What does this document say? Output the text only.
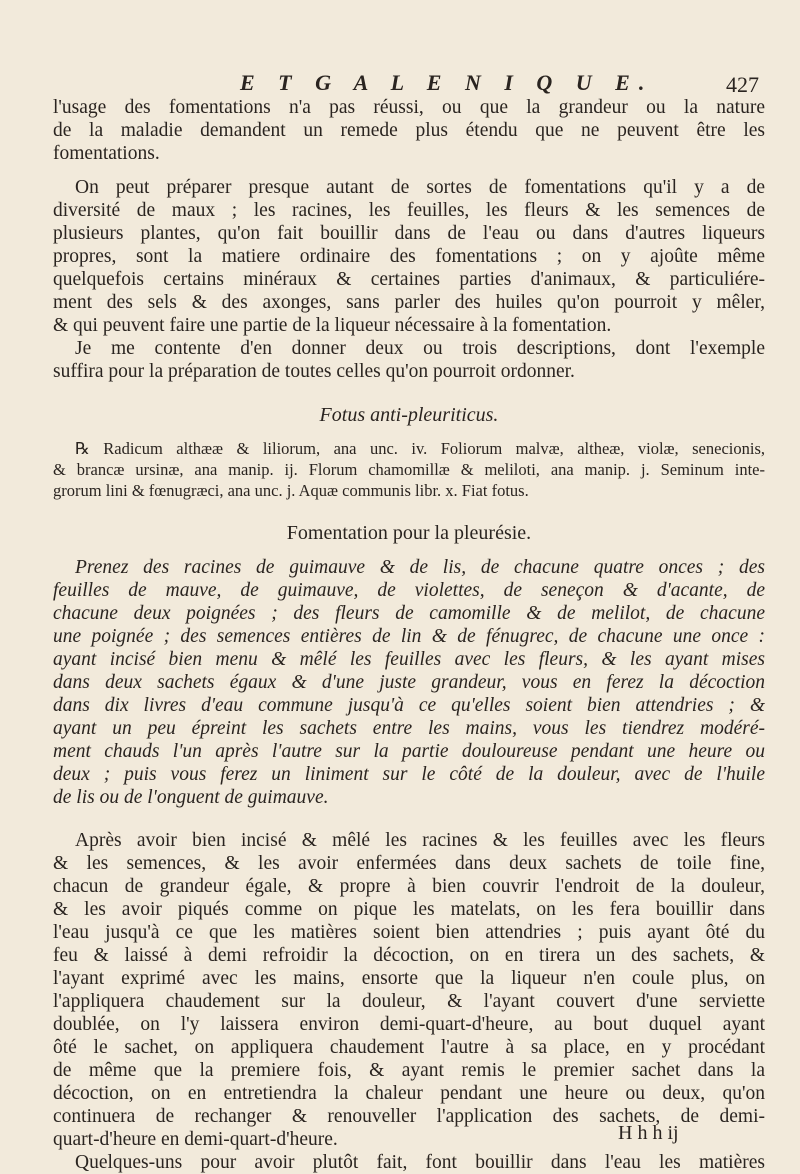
E T G A L E N I Q U E.	427
l'usage des fomentations n'a pas réussi, ou que la grandeur ou la nature
de la maladie demandent un remede plus étendu que ne peuvent être les
fomentations.
On peut préparer presque autant de sortes de fomentations qu'il y a de
diversité de maux ; les racines, les feuilles, les fleurs & les semences de
plusieurs plantes, qu'on fait bouillir dans de l'eau ou dans d'autres liqueurs
propres, sont la matiere ordinaire des fomentations ; on y ajoûte même
quelquefois certains minéraux & certaines parties d'animaux, & particuliére-
ment des sels & des axonges, sans parler des huiles qu'on pourroit y mêler,
& qui peuvent faire une partie de la liqueur nécessaire à la fomentation.
Je me contente d'en donner deux ou trois descriptions, dont l'exemple
suffira pour la préparation de toutes celles qu'on pourroit ordonner.
Fotus anti-pleuriticus.
℞ Radicum althææ & liliorum, ana unc. iv. Foliorum malvæ, altheæ, violæ, senecionis,
& brancæ ursinæ, ana manip. ij. Florum chamomillæ & meliloti, ana manip. j. Seminum inte-
grorum lini & fœnugræci, ana unc. j. Aquæ communis libr. x. Fiat fotus.
Fomentation pour la pleurésie.
Prenez des racines de guimauve & de lis, de chacune quatre onces ; des
feuilles de mauve, de guimauve, de violettes, de seneçon & d'acante, de
chacune deux poignées ; des fleurs de camomille & de melilot, de chacune
une poignée ; des semences entières de lin & de fénugrec, de chacune une once :
ayant incisé bien menu & mêlé les feuilles avec les fleurs, & les ayant mises
dans deux sachets égaux & d'une juste grandeur, vous en ferez la décoction
dans dix livres d'eau commune jusqu'à ce qu'elles soient bien attendries ; &
ayant un peu épreint les sachets entre les mains, vous les tiendrez modéré-
ment chauds l'un après l'autre sur la partie douloureuse pendant une heure ou
deux ; puis vous ferez un liniment sur le côté de la douleur, avec de l'huile
de lis ou de l'onguent de guimauve.
Après avoir bien incisé & mêlé les racines & les feuilles avec les fleurs
& les semences, & les avoir enfermées dans deux sachets de toile fine,
chacun de grandeur égale, & propre à bien couvrir l'endroit de la douleur,
& les avoir piqués comme on pique les matelats, on les fera bouillir dans
l'eau jusqu'à ce que les matières soient bien attendries ; puis ayant ôté du
feu & laissé à demi refroidir la décoction, on en tirera un des sachets, &
l'ayant exprimé avec les mains, ensorte que la liqueur n'en coule plus, on
l'appliquera chaudement sur la douleur, & l'ayant couvert d'une serviette
doublée, on l'y laissera environ demi-quart-d'heure, au bout duquel ayant
ôté le sachet, on appliquera chaudement l'autre à sa place, en y procédant
de même que la premiere fois, & ayant remis le premier sachet dans la
décoction, on en entretiendra la chaleur pendant une heure ou deux, qu'on
continuera de rechanger & renouveller l'application des sachets, de demi-
quart-d'heure en demi-quart-d'heure.
Quelques-uns pour avoir plutôt fait, font bouillir dans l'eau les matières
H h h ij
